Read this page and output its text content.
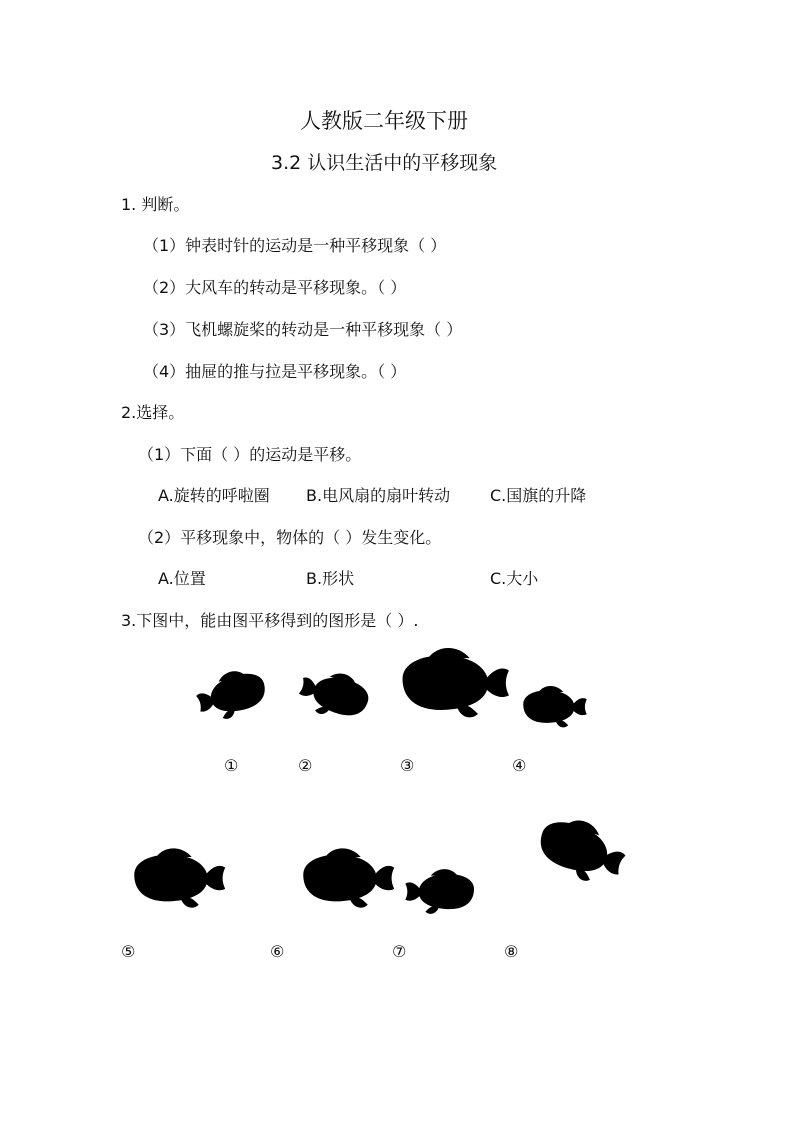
人教版二年级下册
3.2 认识生活中的平移现象
1. 判断。
（1）钟表时针的运动是一种平移现象（ ）
（2）大风车的转动是平移现象。（ ）
（3）飞机螺旋桨的转动是一种平移现象（ ）
（4）抽屉的推与拉是平移现象。（ ）
2.选择。
（1）下面（ ）的运动是平移。
A.旋转的呼啦圈 B.电风扇的扇叶转动 C.国旗的升降
（2）平移现象中，物体的（ ）发生变化。
A.位置	B.形状	C.大小
3.下图中，能由图平移得到的图形是（ ）.
①	②	③	④
⑤	⑥	⑦	⑧
